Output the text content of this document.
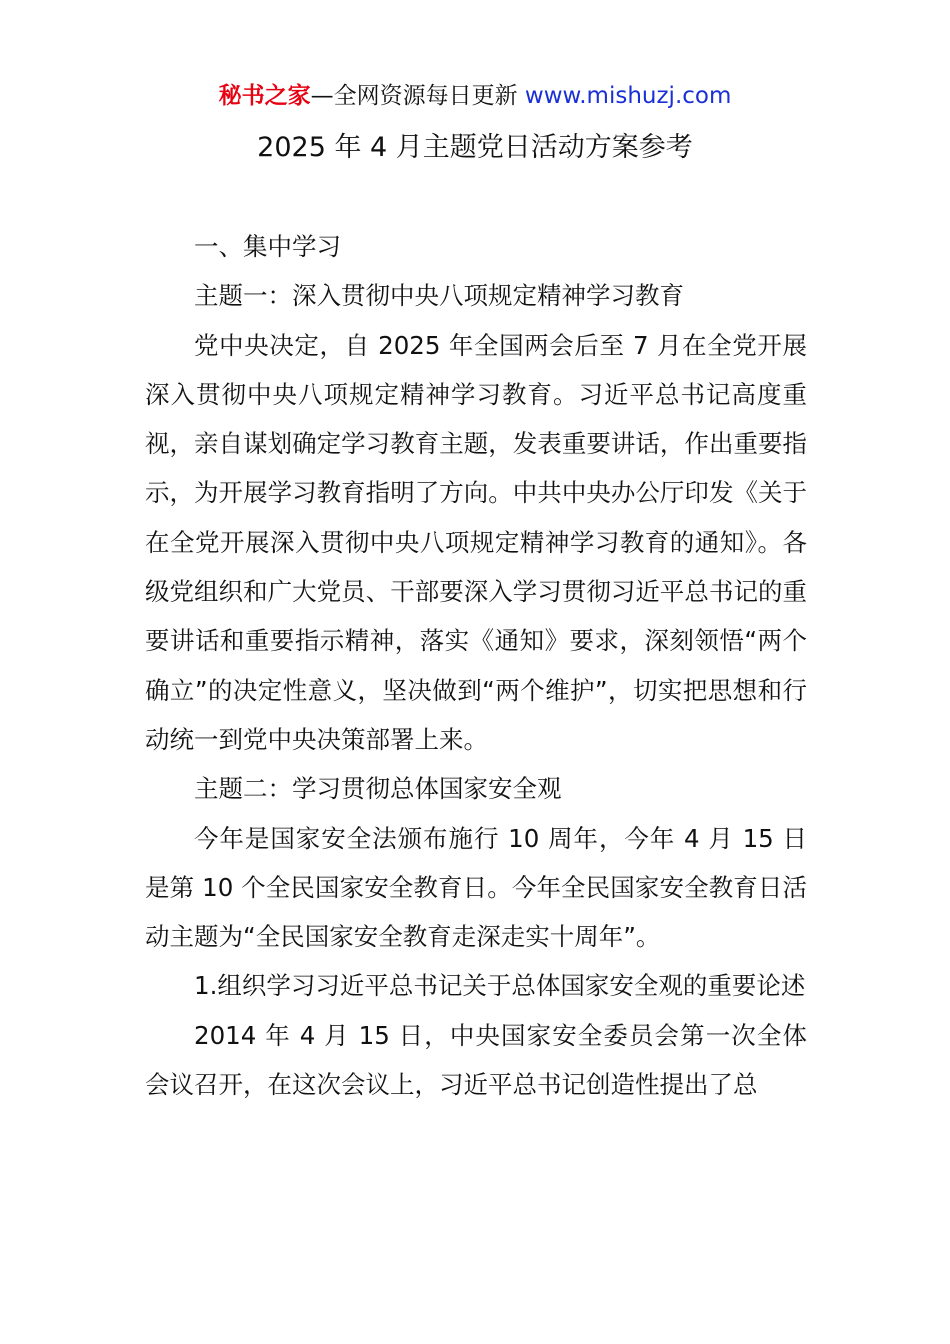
秘书之家—全网资源每日更新 www.mishuzj.com
2025 年 4 月主题党日活动方案参考

一、集中学习

主题一：深入贯彻中央八项规定精神学习教育

党中央决定，自 2025 年全国两会后至 7 月在全党开展深入贯彻中央八项规定精神学习教育。习近平总书记高度重视，亲自谋划确定学习教育主题，发表重要讲话，作出重要指示，为开展学习教育指明了方向。中共中央办公厅印发《关于在全党开展深入贯彻中央八项规定精神学习教育的通知》。各级党组织和广大党员、干部要深入学习贯彻习近平总书记的重要讲话和重要指示精神，落实《通知》要求，深刻领悟“两个确立”的决定性意义，坚决做到“两个维护”，切实把思想和行动统一到党中央决策部署上来。

主题二：学习贯彻总体国家安全观

今年是国家安全法颁布施行 10 周年，今年 4 月 15 日是第 10 个全民国家安全教育日。今年全民国家安全教育日活动主题为“全民国家安全教育走深走实十周年”。

1.组织学习习近平总书记关于总体国家安全观的重要论述

2014 年 4 月 15 日，中央国家安全委员会第一次全体会议召开，在这次会议上，习近平总书记创造性提出了总
